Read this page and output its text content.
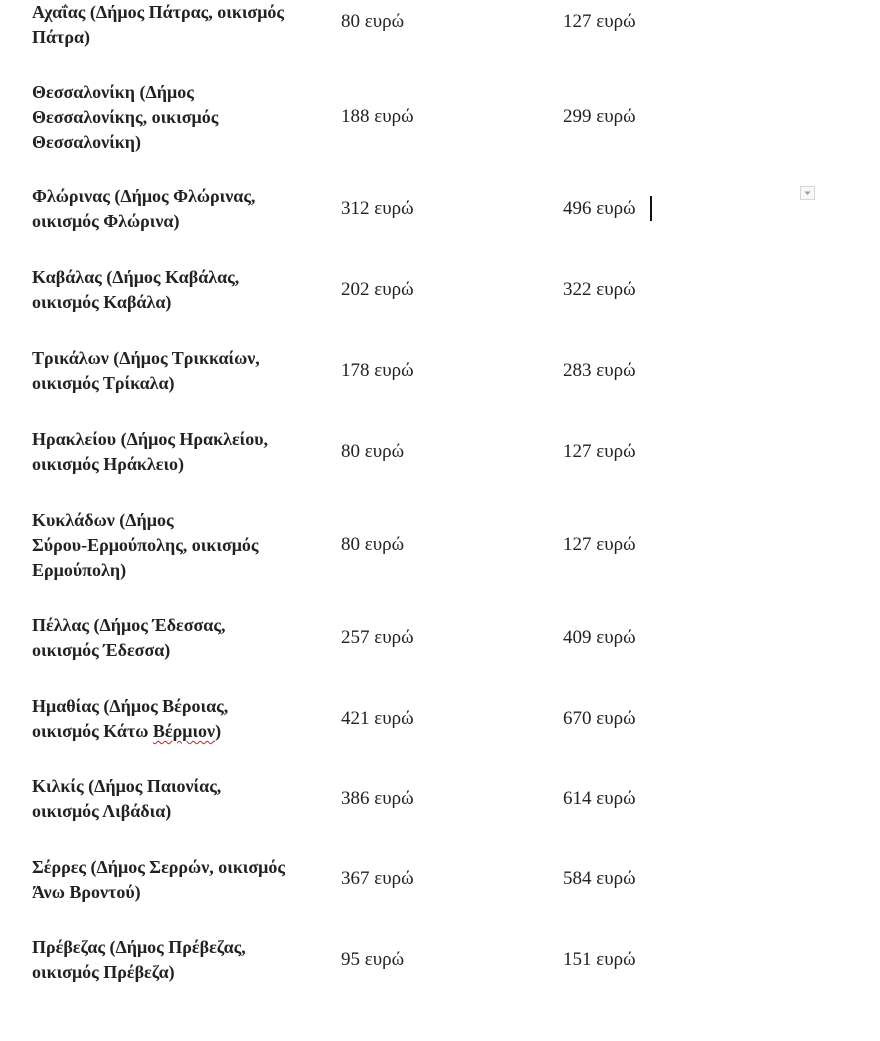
Αχαΐας (Δήμος Πάτρας, οικισμός
Πάτρα)
80 ευρώ	127 ευρώ
Θεσσαλονίκη (Δήμος
Θεσσαλονίκης, οικισμός
Θεσσαλονίκη)
188 ευρώ	299 ευρώ
Φλώρινας (Δήμος Φλώρινας,
οικισμός Φλώρινα)
312 ευρώ	496 ευρώ
Καβάλας (Δήμος Καβάλας,
οικισμός Καβάλα)
202 ευρώ	322 ευρώ
Τρικάλων (Δήμος Τρικκαίων,
οικισμός Τρίκαλα)
178 ευρώ	283 ευρώ
Ηρακλείου (Δήμος Ηρακλείου,
οικισμός Ηράκλειο)
80 ευρώ	127 ευρώ
Κυκλάδων (Δήμος
Σύρου-Ερμούπολης, οικισμός
Ερμούπολη)
80 ευρώ	127 ευρώ
Πέλλας (Δήμος Έδεσσας,
οικισμός Έδεσσα)
257 ευρώ	409 ευρώ
Ημαθίας (Δήμος Βέροιας,
οικισμός Κάτω Βέρμιον)
421 ευρώ	670 ευρώ
Κιλκίς (Δήμος Παιονίας,
οικισμός Λιβάδια)
386 ευρώ	614 ευρώ
Σέρρες (Δήμος Σερρών, οικισμός
Άνω Βροντού)
367 ευρώ	584 ευρώ
Πρέβεζας (Δήμος Πρέβεζας,
οικισμός Πρέβεζα)
95 ευρώ	151 ευρώ
